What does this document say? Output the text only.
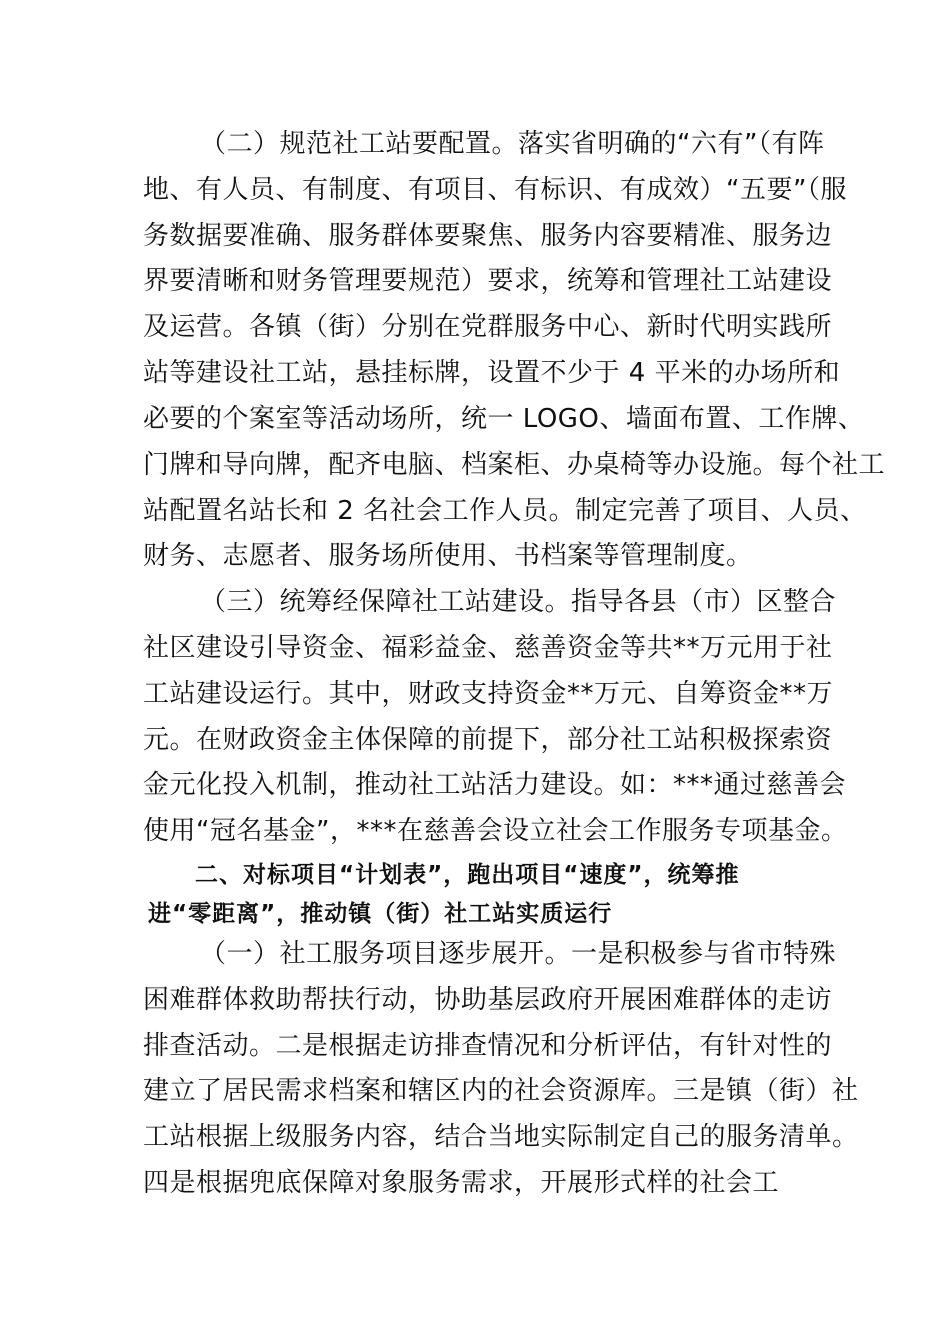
（二）规范社工站要配置。落实省明确的“六有”（有阵
地、有人员、有制度、有项目、有标识、有成效）“五要”（服
务数据要准确、服务群体要聚焦、服务内容要精准、服务边
界要清晰和财务管理要规范）要求，统筹和管理社工站建设
及运营。各镇（街）分别在党群服务中心、新时代明实践所
站等建设社工站，悬挂标牌，设置不少于 4 平米的办场所和
必要的个案室等活动场所，统一 LOGO、墙面布置、工作牌、
门牌和导向牌，配齐电脑、档案柜、办桌椅等办设施。每个社工
站配置名站长和 2 名社会工作人员。制定完善了项目、人员、
财务、志愿者、服务场所使用、书档案等管理制度。
（三）统筹经保障社工站建设。指导各县（市）区整合
社区建设引导资金、福彩益金、慈善资金等共**万元用于社
工站建设运行。其中，财政支持资金**万元、自筹资金**万
元。在财政资金主体保障的前提下，部分社工站积极探索资
金元化投入机制，推动社工站活力建设。如：***通过慈善会
使用“冠名基金”，***在慈善会设立社会工作服务专项基金。
二、对标项目“计划表”，跑出项目“速度”，统筹推
进“零距离”，推动镇（街）社工站实质运行
（一）社工服务项目逐步展开。一是积极参与省市特殊
困难群体救助帮扶行动，协助基层政府开展困难群体的走访
排查活动。二是根据走访排查情况和分析评估，有针对性的
建立了居民需求档案和辖区内的社会资源库。三是镇（街）社
工站根据上级服务内容，结合当地实际制定自己的服务清单。
四是根据兜底保障对象服务需求，开展形式样的社会工
